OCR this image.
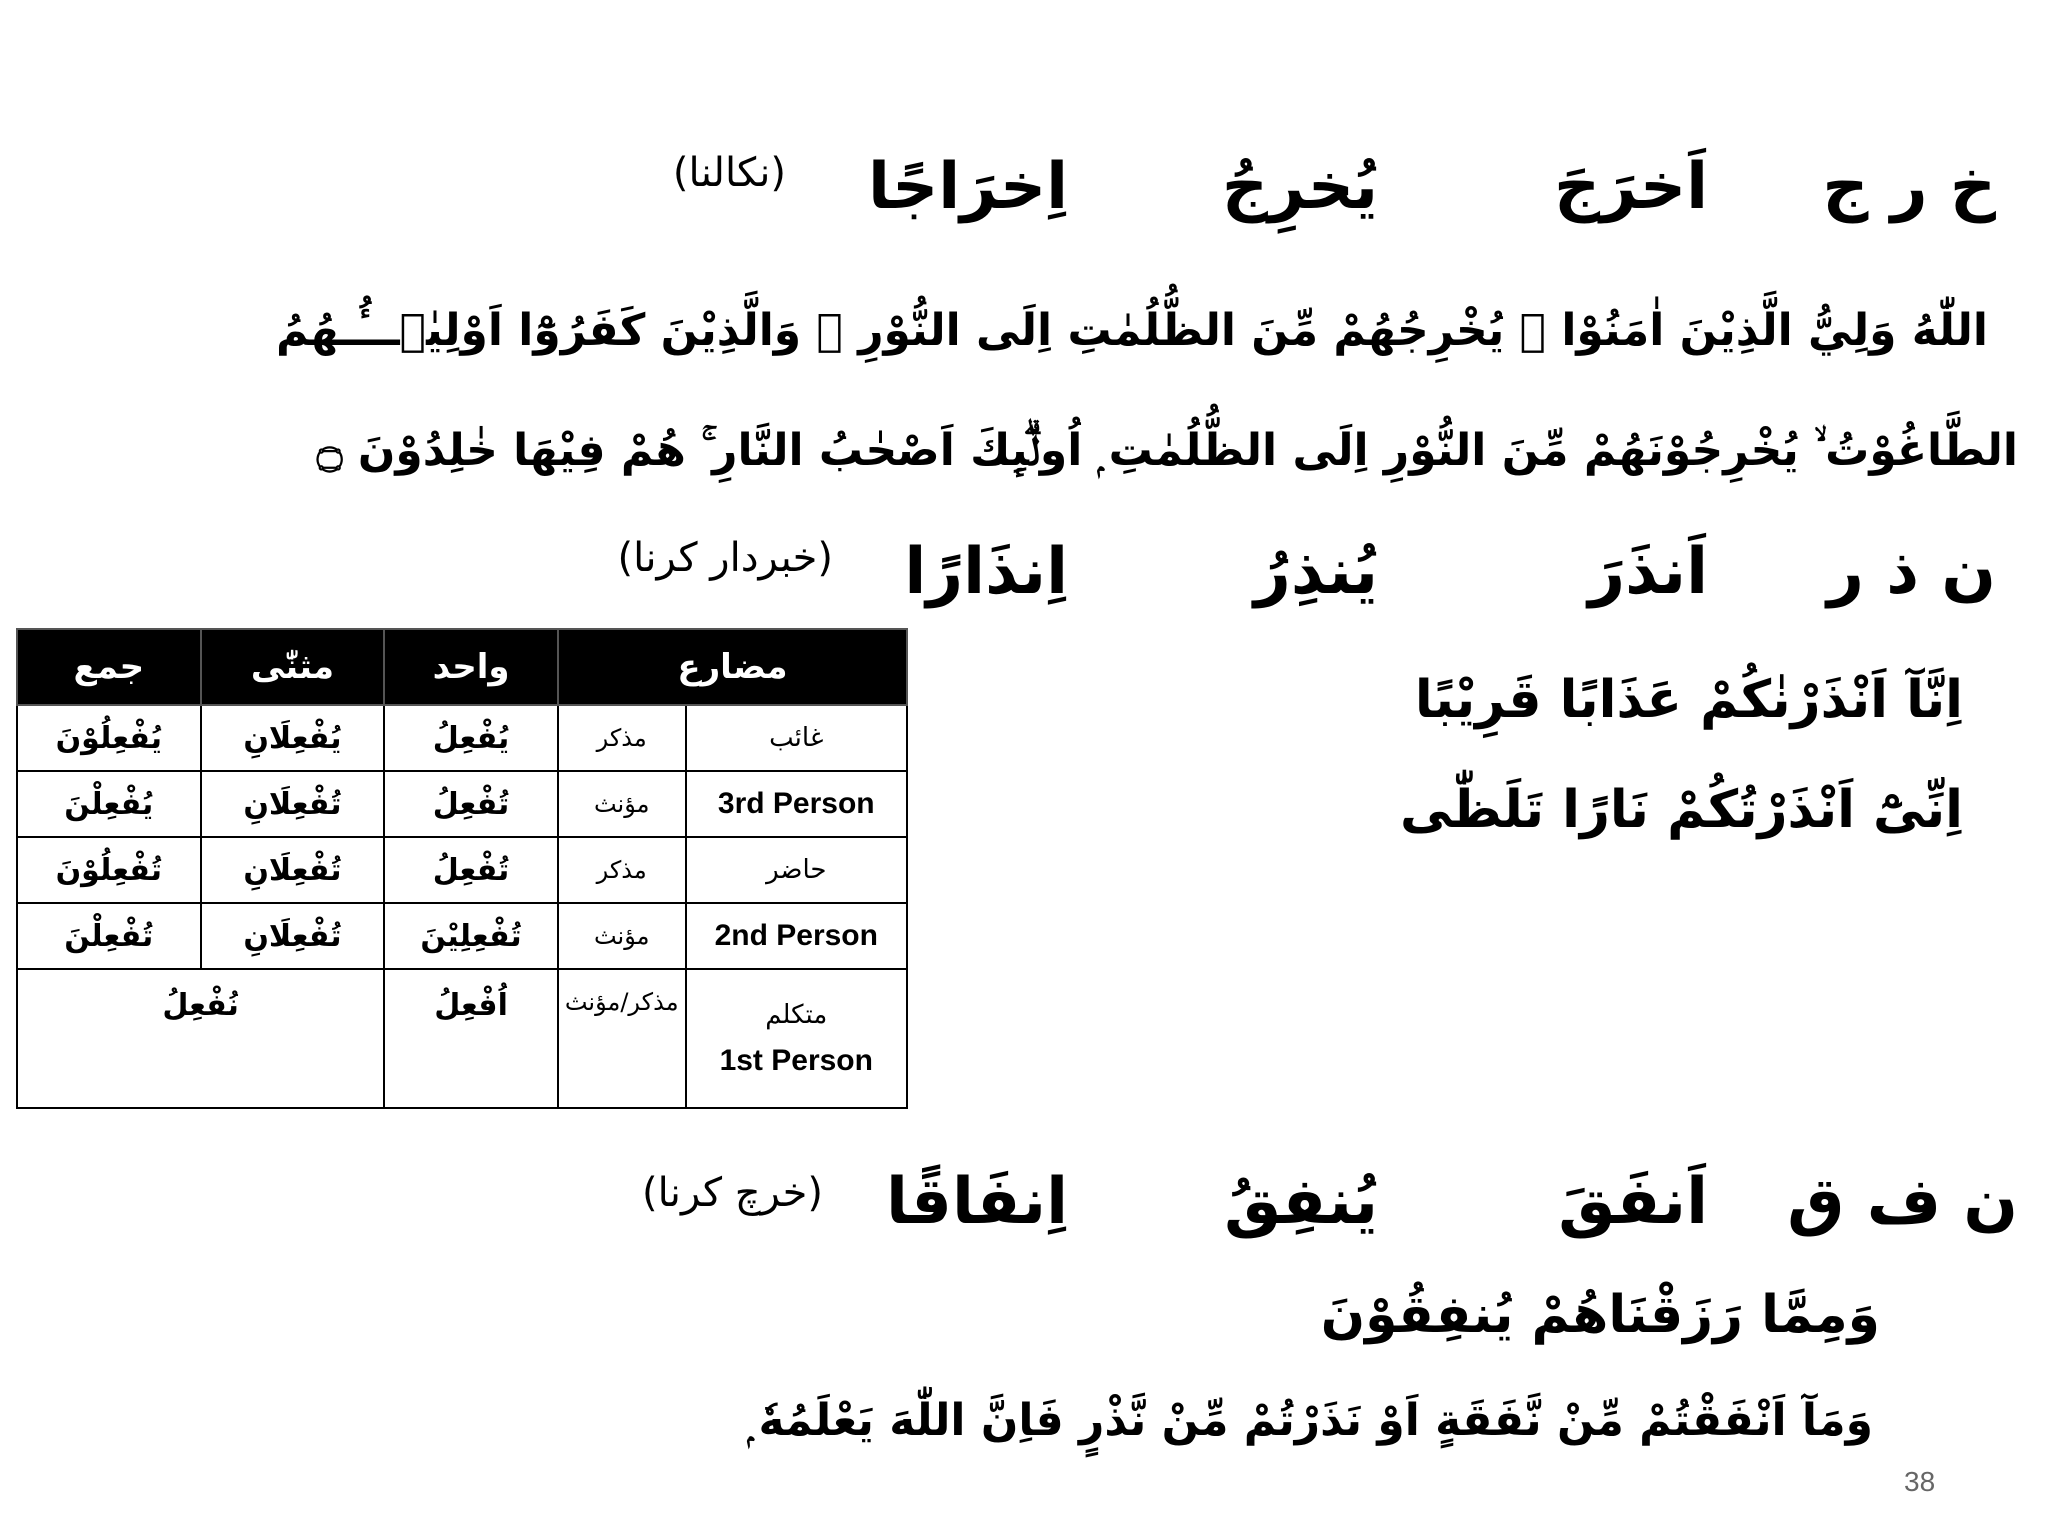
خ ر ج
اَخرَجَ
يُخرِجُ
اِخرَاجًا
(نکالنا)
اللّٰهُ وَلِيُّ الَّذِيْنَ اٰمَنُوْا ۙ يُخْرِجُهُمْ مِّنَ الظُّلُمٰتِ اِلَى النُّوْرِ ۗ وَالَّذِيْنَ كَفَرُوْٓا اَوْلِيٰۗـــُٔـھُمُ
الطَّاغُوْتُ ۙ يُخْرِجُوْنَهُمْ مِّنَ النُّوْرِ اِلَى الظُّلُمٰتِ ۭ اُولٰۗىِٕكَ اَصْحٰبُ النَّارِ ۚ ھُمْ فِيْهَا خٰلِدُوْنَ ۝
ن ذ ر
اَنذَرَ
يُنذِرُ
اِنذَارًا
(خبردار کرنا)
اِنَّآ اَنْذَرْنٰكُمْ عَذَابًا قَرِيْبًا
اِنِّىْٓ اَنْذَرْتُكُمْ نَارًا تَلَظّٰى
جمع	مثنّٰی	واحد	مضارع	
يُفْعِلُوْنَ	يُفْعِلَانِ	يُفْعِلُ	مذکر	غائب
يُفْعِلْنَ	تُفْعِلَانِ	تُفْعِلُ	مؤنث	3rd Person
تُفْعِلُوْنَ	تُفْعِلَانِ	تُفْعِلُ	مذکر	حاضر
تُفْعِلْنَ	تُفْعِلَانِ	تُفْعِلِيْنَ	مؤنث	2nd Person
نُفْعِلُ		اُفْعِلُ	مذکر/مؤنث	متکلم
1st Person
ن ف ق
اَنفَقَ
يُنفِقُ
اِنفَاقًا
(خرچ کرنا)
وَمِمَّا رَزَقْنَاهُمْ يُنفِقُوْنَ
وَمَآ اَنْفَقْتُمْ مِّنْ نَّفَقَةٍ اَوْ نَذَرْتُمْ مِّنْ نَّذْرٍ فَاِنَّ اللّٰهَ يَعْلَمُهٗ ۭ
38
